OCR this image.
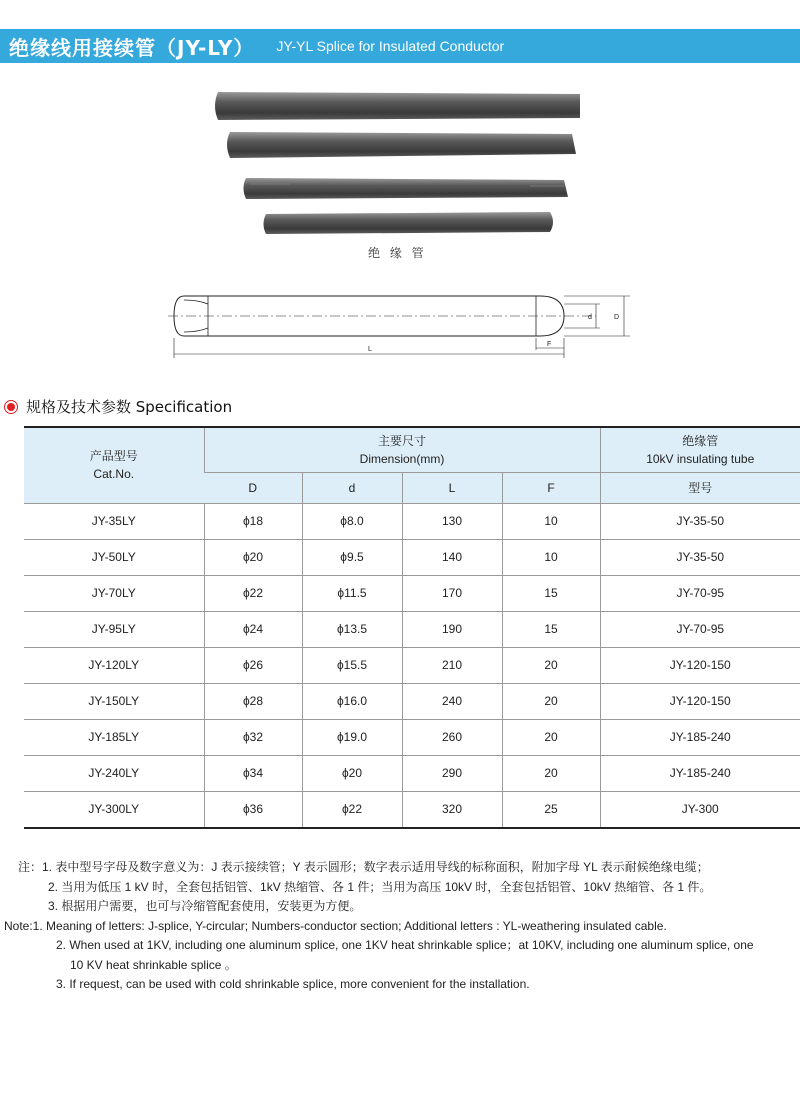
绝缘线用接续管（JY-LY） JY-YL Splice for Insulated Conductor
绝 缘 管
L
F
d	D
规格及技术参数 Specification
产品型号
Cat.No.	主要尺寸
Dimension(mm)				绝缘管
10kV insulating tube

	D	d	L	F	型号
JY-35LY	ϕ18	ϕ8.0	130	10	JY-35-50
JY-50LY	ϕ20	ϕ9.5	140	10	JY-35-50
JY-70LY	ϕ22	ϕ11.5	170	15	JY-70-95
JY-95LY	ϕ24	ϕ13.5	190	15	JY-70-95
JY-120LY	ϕ26	ϕ15.5	210	20	JY-120-150
JY-150LY	ϕ28	ϕ16.0	240	20	JY-120-150
JY-185LY	ϕ32	ϕ19.0	260	20	JY-185-240
JY-240LY	ϕ34	ϕ20	290	20	JY-185-240
JY-300LY	ϕ36	ϕ22	320	25	JY-300
注：1. 表中型号字母及数字意义为：J 表示接续管；Y 表示圆形；数字表示适用导线的标称面积，附加字母 YL 表示耐候绝缘电缆；
2. 当用为低压 1 kV 时，全套包括铝管、1kV 热缩管、各 1 件；当用为高压 10kV 时，全套包括铝管、10kV 热缩管、各 1 件。
3. 根据用户需要，也可与冷缩管配套使用，安装更为方便。
Note:1. Meaning of letters: J-splice, Y-circular; Numbers-conductor section; Additional letters : YL-weathering insulated cable.
2. When used at 1KV, including one aluminum splice, one 1KV heat shrinkable splice；at 10KV, including one aluminum splice, one
10 KV heat shrinkable splice 。
3. If request, can be used with cold shrinkable splice, more convenient for the installation.
